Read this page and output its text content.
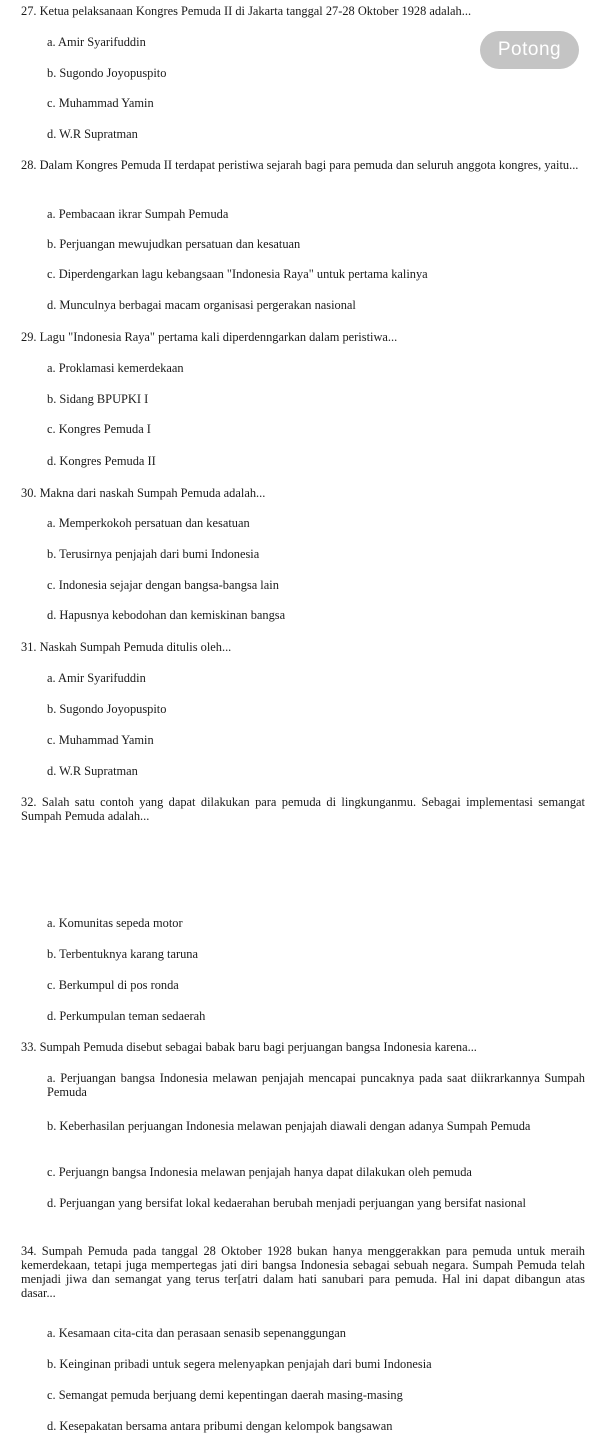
27. Ketua pelaksanaan Kongres Pemuda II di Jakarta tanggal 27-28 Oktober 1928 adalah...

a. Amir Syarifuddin

b. Sugondo Joyopuspito

c. Muhammad Yamin

d. W.R Supratman

28. Dalam Kongres Pemuda II terdapat peristiwa sejarah bagi para pemuda dan seluruh anggota kongres, yaitu...

a. Pembacaan ikrar Sumpah Pemuda

b. Perjuangan mewujudkan persatuan dan kesatuan

c. Diperdengarkan lagu kebangsaan "Indonesia Raya" untuk pertama kalinya

d. Munculnya berbagai macam organisasi pergerakan nasional

29. Lagu "Indonesia Raya" pertama kali diperdenngarkan dalam peristiwa...

a. Proklamasi kemerdekaan

b. Sidang BPUPKI I

c. Kongres Pemuda I

d. Kongres Pemuda II

30. Makna dari naskah Sumpah Pemuda adalah...

a. Memperkokoh persatuan dan kesatuan

b. Terusirnya penjajah dari bumi Indonesia

c. Indonesia sejajar dengan bangsa-bangsa lain

d. Hapusnya kebodohan dan kemiskinan bangsa

31. Naskah Sumpah Pemuda ditulis oleh...

a. Amir Syarifuddin

b. Sugondo Joyopuspito

c. Muhammad Yamin

d. W.R Supratman

32. Salah satu contoh yang dapat dilakukan para pemuda di lingkunganmu. Sebagai implementasi semangat Sumpah Pemuda adalah...

a. Komunitas sepeda motor

b. Terbentuknya karang taruna

c. Berkumpul di pos ronda

d. Perkumpulan teman sedaerah

33. Sumpah Pemuda disebut sebagai babak baru bagi perjuangan bangsa Indonesia karena...

a. Perjuangan bangsa Indonesia melawan penjajah mencapai puncaknya pada saat diikrarkannya Sumpah Pemuda

b. Keberhasilan perjuangan Indonesia melawan penjajah diawali dengan adanya Sumpah Pemuda

c. Perjuangn bangsa Indonesia melawan penjajah hanya dapat dilakukan oleh pemuda

d. Perjuangan yang bersifat lokal kedaerahan berubah menjadi perjuangan yang bersifat nasional

34. Sumpah Pemuda pada tanggal 28 Oktober 1928 bukan hanya menggerakkan para pemuda untuk meraih kemerdekaan, tetapi juga mempertegas jati diri bangsa Indonesia sebagai sebuah negara. Sumpah Pemuda telah menjadi jiwa dan semangat yang terus ter[atri dalam hati sanubari para pemuda. Hal ini dapat dibangun atas dasar...

a. Kesamaan cita-cita dan perasaan senasib sepenanggungan

b. Keinginan pribadi untuk segera melenyapkan penjajah dari bumi Indonesia

c. Semangat pemuda berjuang demi kepentingan daerah masing-masing

d. Kesepakatan bersama antara pribumi dengan kelompok bangsawan

Potong
